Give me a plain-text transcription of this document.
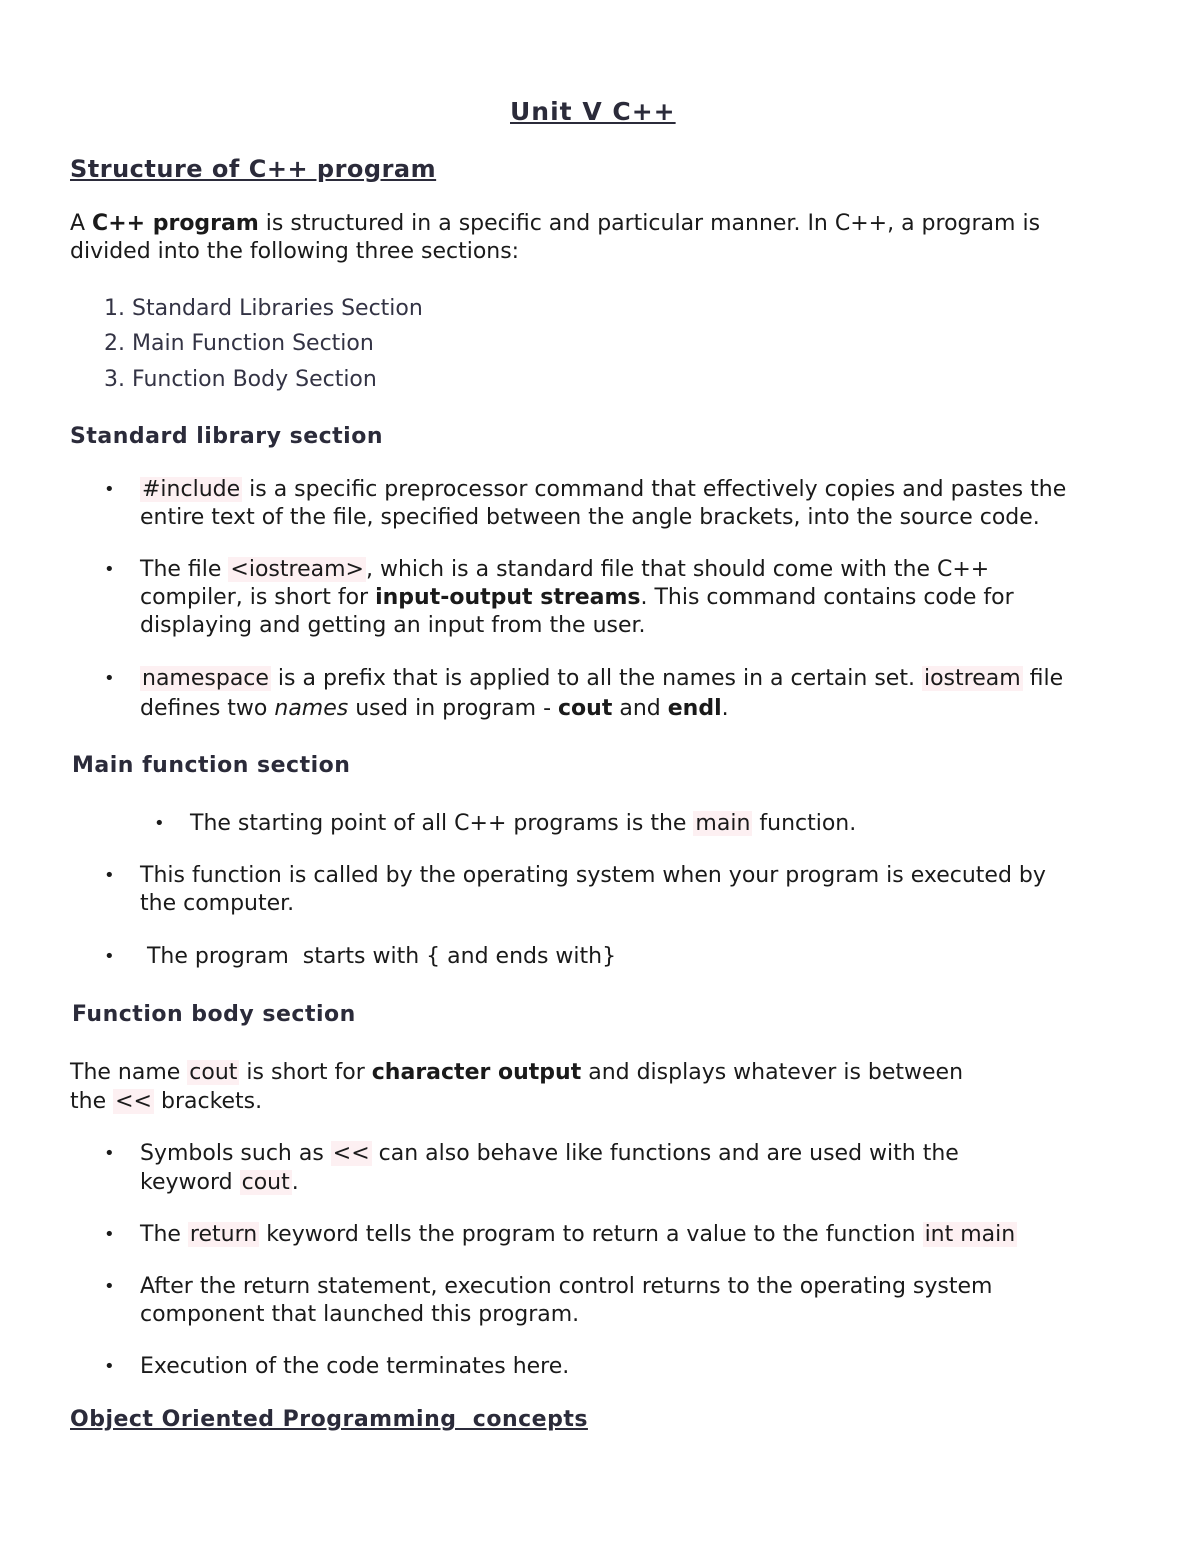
Unit V C++
Structure of C++ program
A C++ program is structured in a specific and particular manner. In C++, a program is
divided into the following three sections:
1. Standard Libraries Section
2. Main Function Section
3. Function Body Section
Standard library section
• #include is a specific preprocessor command that effectively copies and pastes the
entire text of the file, specified between the angle brackets, into the source code.
• The file <iostream>, which is a standard file that should come with the C++
compiler, is short for input-output streams. This command contains code for
displaying and getting an input from the user.
• namespace is a prefix that is applied to all the names in a certain set. iostream file
defines two names used in program - cout and endl.
Main function section
• The starting point of all C++ programs is the main function.
• This function is called by the operating system when your program is executed by
the computer.
• The program  starts with { and ends with}
Function body section
The name cout is short for character output and displays whatever is between
the << brackets.
• Symbols such as << can also behave like functions and are used with the
keyword cout.
• The return keyword tells the program to return a value to the function int main
• After the return statement, execution control returns to the operating system
component that launched this program.
• Execution of the code terminates here.
Object Oriented Programming  concepts
